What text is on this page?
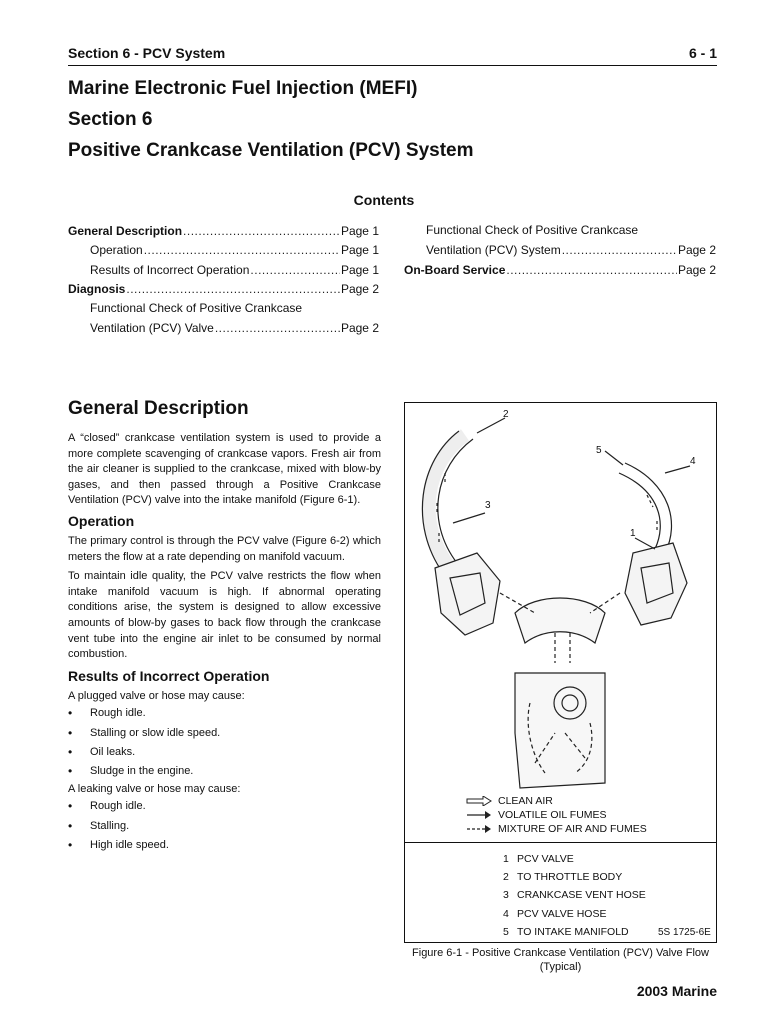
Section 6 - PCV System	6 - 1
Marine Electronic Fuel Injection (MEFI)
Section 6
Positive Crankcase Ventilation (PCV) System
Contents
General Description .....	Page 1
Operation .....	Page 1
Results of Incorrect Operation .....	Page 1
Diagnosis .....	Page 2
Functional Check of Positive Crankcase
Ventilation (PCV) Valve .....	Page 2
Functional Check of Positive Crankcase
Ventilation (PCV) System .....	Page 2
On-Board Service .....	Page 2
General Description

A “closed” crankcase ventilation system is used to provide a more complete scavenging of crankcase vapors. Fresh air from the air cleaner is supplied to the crankcase, mixed with blow-by gases, and then passed through a Positive Crankcase Ventilation (PCV) valve into the intake manifold (Figure 6-1).

Operation

The primary control is through the PCV valve (Figure 6-2) which meters the flow at a rate depending on manifold vacuum.

To maintain idle quality, the PCV valve restricts the flow when intake manifold vacuum is high. If abnormal operating conditions arise, the system is designed to allow excessive amounts of blow-by gases to back flow through the crankcase vent tube into the engine air inlet to be consumed by normal combustion.

Results of Incorrect Operation

A plugged valve or hose may cause:

• Rough idle.
• Stalling or slow idle speed.
• Oil leaks.
• Sludge in the engine.

A leaking valve or hose may cause:

• Rough idle.
• Stalling.
• High idle speed.
2
3
5
4
1
CLEAN AIR
VOLATILE OIL FUMES
MIXTURE OF AIR AND FUMES
1 PCV VALVE
2 TO THROTTLE BODY
3 CRANKCASE VENT HOSE
4 PCV VALVE HOSE
5 TO INTAKE MANIFOLD	5S 1725-6E
Figure 6-1 - Positive Crankcase Ventilation (PCV) Valve Flow (Typical)
2003 Marine
